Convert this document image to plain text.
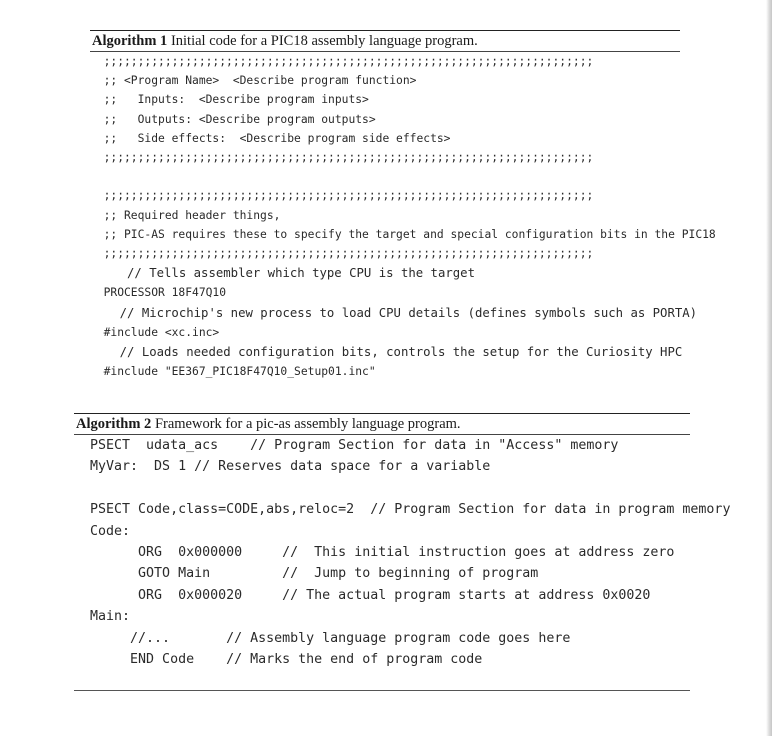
Algorithm 1 Initial code for a PIC18 assembly language program.
;;;;;;;;;;;;;;;;;;;;;;;;;;;;;;;;;;;;;;;;;;;;;;;;;;;;;;;;;;;;;;;;;;;;;;;;
;; <Program Name>  <Describe program function>
;;   Inputs:  <Describe program inputs>
;;   Outputs: <Describe program outputs>
;;   Side effects:  <Describe program side effects>
;;;;;;;;;;;;;;;;;;;;;;;;;;;;;;;;;;;;;;;;;;;;;;;;;;;;;;;;;;;;;;;;;;;;;;;;
;;;;;;;;;;;;;;;;;;;;;;;;;;;;;;;;;;;;;;;;;;;;;;;;;;;;;;;;;;;;;;;;;;;;;;;;
;; Required header things,
;; PIC-AS requires these to specify the target and special configuration bits in the PIC18
;;;;;;;;;;;;;;;;;;;;;;;;;;;;;;;;;;;;;;;;;;;;;;;;;;;;;;;;;;;;;;;;;;;;;;;;
// Tells assembler which type CPU is the target
PROCESSOR 18F47Q10
// Microchip's new process to load CPU details (defines symbols such as PORTA)
#include <xc.inc>
// Loads needed configuration bits, controls the setup for the Curiosity HPC
#include "EE367_PIC18F47Q10_Setup01.inc"
Algorithm 2 Framework for a pic-as assembly language program.
PSECT  udata_acs    // Program Section for data in "Access" memory
MyVar:  DS 1 // Reserves data space for a variable
PSECT Code,class=CODE,abs,reloc=2  // Program Section for data in program memory
Code:
ORG  0x000000     //  This initial instruction goes at address zero
GOTO Main         //  Jump to beginning of program
ORG  0x000020     // The actual program starts at address 0x0020
Main:
//...       // Assembly language program code goes here
END Code    // Marks the end of program code
